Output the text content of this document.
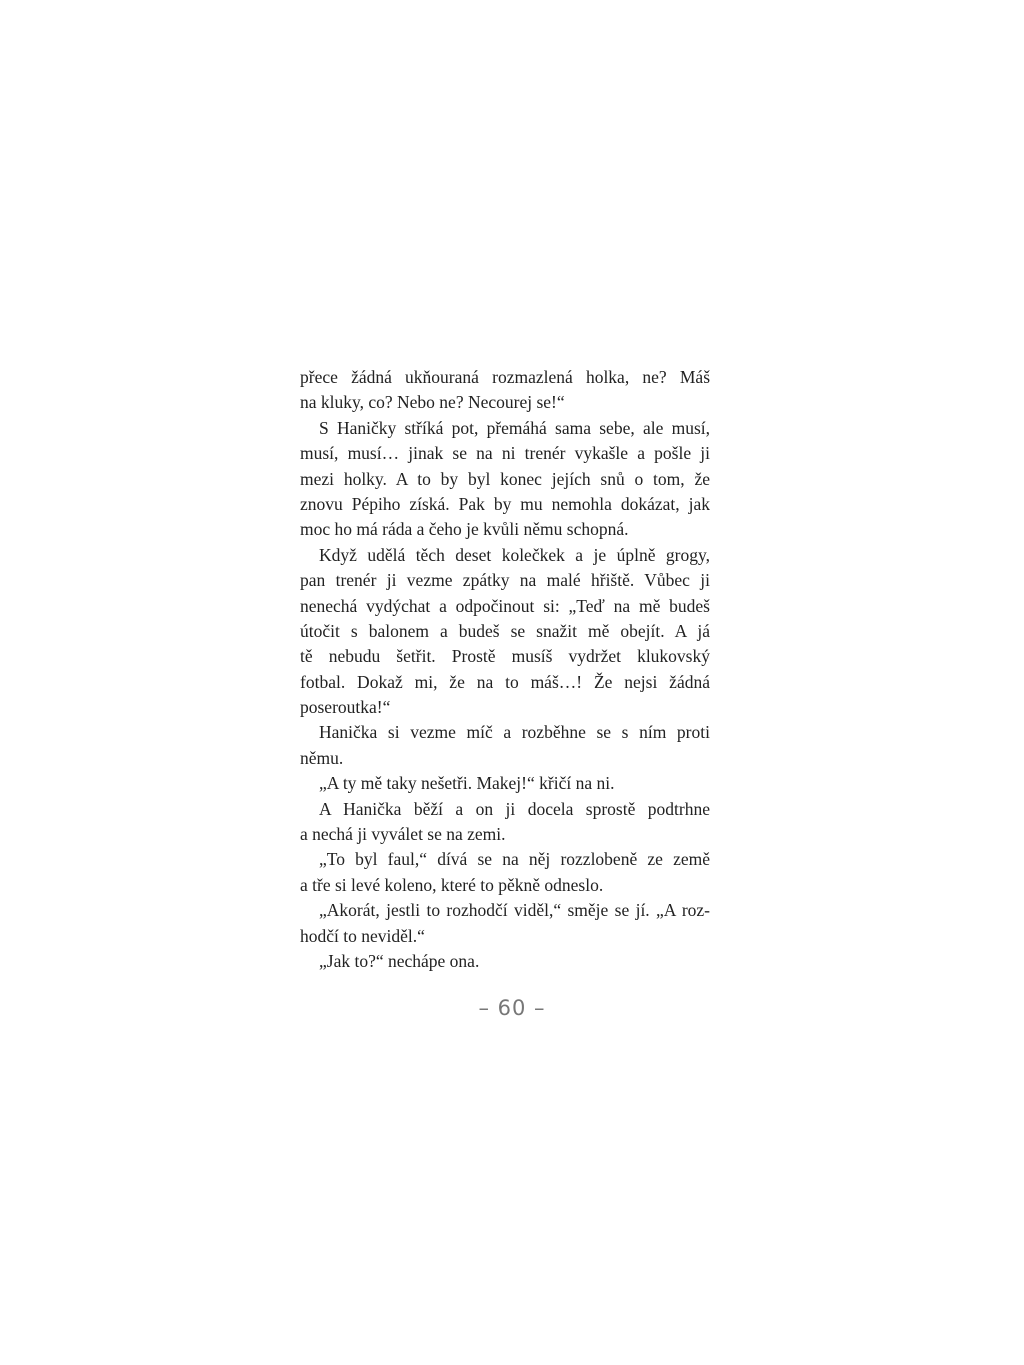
přece žádná ukňouraná rozmazlená holka, ne? Máš
na kluky, co? Nebo ne? Necourej se!“
S Haničky stříká pot, přemáhá sama sebe, ale musí,
musí, musí… jinak se na ni trenér vykašle a pošle ji
mezi holky. A to by byl konec jejích snů o tom, že
znovu Pépiho získá. Pak by mu nemohla dokázat, jak
moc ho má ráda a čeho je kvůli němu schopná.
Když udělá těch deset kolečkek a je úplně grogy,
pan trenér ji vezme zpátky na malé hřiště. Vůbec ji
nenechá vydýchat a odpočinout si: „Teď na mě budeš
útočit s balonem a budeš se snažit mě obejít. A já
tě nebudu šetřit. Prostě musíš vydržet klukovský
fotbal. Dokaž mi, že na to máš…! Že nejsi žádná
poseroutka!“
Hanička si vezme míč a rozběhne se s ním proti
němu.
„A ty mě taky nešetři. Makej!“ křičí na ni.
A Hanička běží a on ji docela sprostě podtrhne
a nechá ji vyválet se na zemi.
„To byl faul,“ dívá se na něj rozzlobeně ze země
a tře si levé koleno, které to pěkně odneslo.
„Akorát, jestli to rozhodčí viděl,“ směje se jí. „A roz-
hodčí to neviděl.“
„Jak to?“ nechápe ona.
– 60 –
